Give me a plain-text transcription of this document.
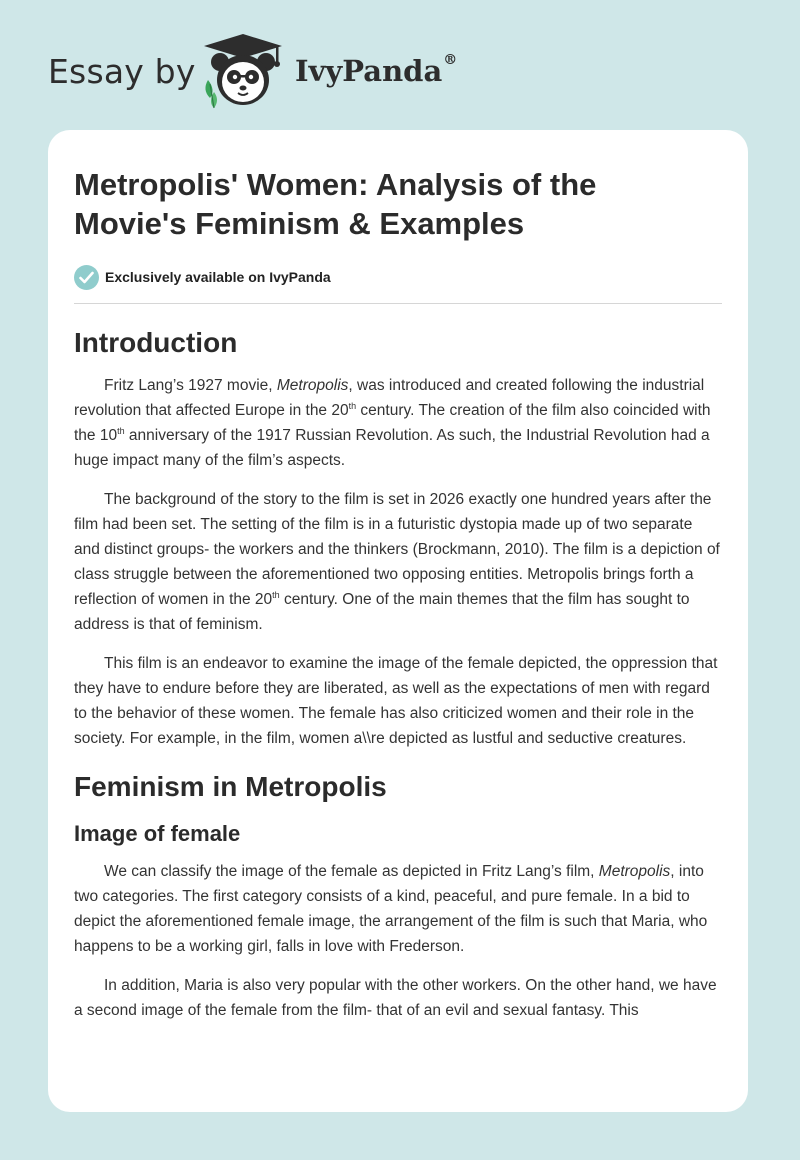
Essay by	IvyPanda®
Metropolis' Women: Analysis of the Movie's Feminism & Examples
Exclusively available on IvyPanda
Introduction

Fritz Lang’s 1927 movie, Metropolis, was introduced and created following the industrial revolution that affected Europe in the 20th century. The creation of the film also coincided with the 10th anniversary of the 1917 Russian Revolution. As such, the Industrial Revolution had a huge impact many of the film’s aspects.

The background of the story to the film is set in 2026 exactly one hundred years after the film had been set. The setting of the film is in a futuristic dystopia made up of two separate and distinct groups- the workers and the thinkers (Brockmann, 2010). The film is a depiction of class struggle between the aforementioned two opposing entities. Metropolis brings forth a reflection of women in the 20th century. One of the main themes that the film has sought to address is that of feminism.

This film is an endeavor to examine the image of the female depicted, the oppression that they have to endure before they are liberated, as well as the expectations of men with regard to the behavior of these women. The female has also criticized women and their role in the society. For example, in the film, women a\\re depicted as lustful and seductive creatures.

Feminism in Metropolis
Image of female

We can classify the image of the female as depicted in Fritz Lang’s film, Metropolis, into two categories. The first category consists of a kind, peaceful, and pure female. In a bid to depict the aforementioned female image, the arrangement of the film is such that Maria, who happens to be a working girl, falls in love with Frederson.

In addition, Maria is also very popular with the other workers. On the other hand, we have a second image of the female from the film- that of an evil and sexual fantasy. This
